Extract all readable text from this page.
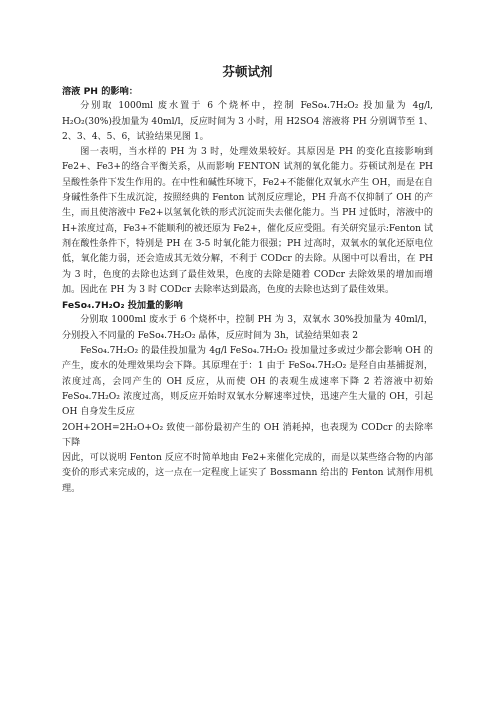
芬顿试剂
溶液 PH 的影响：

分别取 1000ml 废水置于 6 个烧杯中，控制 FeSo₄.7H₂O₂ 投加量为 4g/l, H₂O₂(30%)投加量为 40ml/l，反应时间为 3 小时，用 H2SO4 溶液将 PH 分别调节至 1、2、3、4、5、6，试验结果见图 1。

图一表明，当水样的 PH 为 3 时，处理效果较好。其原因是 PH 的变化直接影响到 Fe2+、Fe3+的络合平衡关系，从而影响 FENTON 试剂的氧化能力。芬顿试剂是在 PH 呈酸性条件下发生作用的。在中性和碱性环境下，Fe2+不能催化双氧水产生 OH，而是在自身碱性条件下生成沉淀，按照经典的 Fenton 试剂反应理论，PH 升高不仅抑制了 OH 的产生，而且使溶液中 Fe2+以氢氧化铁的形式沉淀而失去催化能力。当 PH 过低时，溶液中的 H+浓度过高，Fe3+不能顺利的被还原为 Fe2+，催化反应受阻。有关研究显示:Fenton 试剂在酸性条件下，特别是 PH 在 3-5 时氧化能力很强；PH 过高时，双氧水的氧化还原电位低，氧化能力弱，还会造成其无效分解，不利于 CODcr 的去除。从图中可以看出，在 PH 为 3 时，色度的去除也达到了最佳效果，色度的去除是随着 CODcr 去除效果的增加而增加。因此在 PH 为 3 时 CODcr 去除率达到最高，色度的去除也达到了最佳效果。

FeSo₄.7H₂O₂ 投加量的影响

分别取 1000ml 废水于 6 个烧杯中，控制 PH 为 3，双氧水 30%投加量为 40ml/l，分别投入不同量的 FeSo₄.7H₂O₂ 晶体，反应时间为 3h，试验结果如表 2

FeSo₄.7H₂O₂ 的最佳投加量为 4g/l FeSo₄.7H₂O₂ 投加量过多或过少都会影响 OH 的产生，废水的处理效果均会下降。其原理在于：1 由于 FeSo₄.7H₂O₂ 是羟自由基捕捉剂，浓度过高，会同产生的 OH 反应，从而使 OH 的表观生成速率下降 2 若溶液中初始 FeSo₄.7H₂O₂ 浓度过高，则反应开始时双氧水分解速率过快，迅速产生大量的 OH，引起 OH 自身发生反应

2OH+2OH=2H₂O+O₂ 致使一部份最初产生的 OH 消耗掉，也表现为 CODcr 的去除率下降

因此，可以说明 Fenton 反应不时简单地由 Fe2+来催化完成的，而是以某些络合物的内部变价的形式来完成的，这一点在一定程度上证实了 Bossmann 给出的 Fenton 试剂作用机理。
